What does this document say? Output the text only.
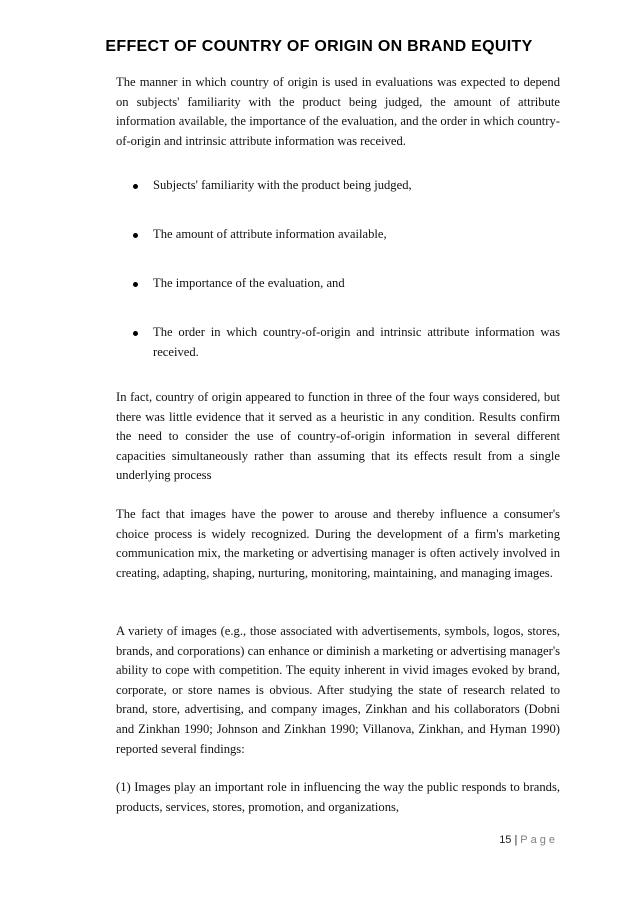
EFFECT OF COUNTRY OF ORIGIN ON BRAND EQUITY

The manner in which country of origin is used in evaluations was expected to depend on subjects' familiarity with the product being judged, the amount of attribute information available, the importance of the evaluation, and the order in which country-of-origin and intrinsic attribute information was received.

Subjects' familiarity with the product being judged,
The amount of attribute information available,
The importance of the evaluation, and
The order in which country-of-origin and intrinsic attribute information was received.

In fact, country of origin appeared to function in three of the four ways considered, but there was little evidence that it served as a heuristic in any condition. Results confirm the need to consider the use of country-of-origin information in several different capacities simultaneously rather than assuming that its effects result from a single underlying process

The fact that images have the power to arouse and thereby influence a consumer's choice process is widely recognized. During the development of a firm's marketing communication mix, the marketing or advertising manager is often actively involved in creating, adapting, shaping, nurturing, monitoring, maintaining, and managing images.

A variety of images (e.g., those associated with advertisements, symbols, logos, stores, brands, and corporations) can enhance or diminish a marketing or advertising manager's ability to cope with competition. The equity inherent in vivid images evoked by brand, corporate, or store names is obvious. After studying the state of research related to brand, store, advertising, and company images, Zinkhan and his collaborators (Dobni and Zinkhan 1990; Johnson and Zinkhan 1990; Villanova, Zinkhan, and Hyman 1990) reported several findings:

(1) Images play an important role in influencing the way the public responds to brands, products, services, stores, promotion, and organizations,

15 | Page
